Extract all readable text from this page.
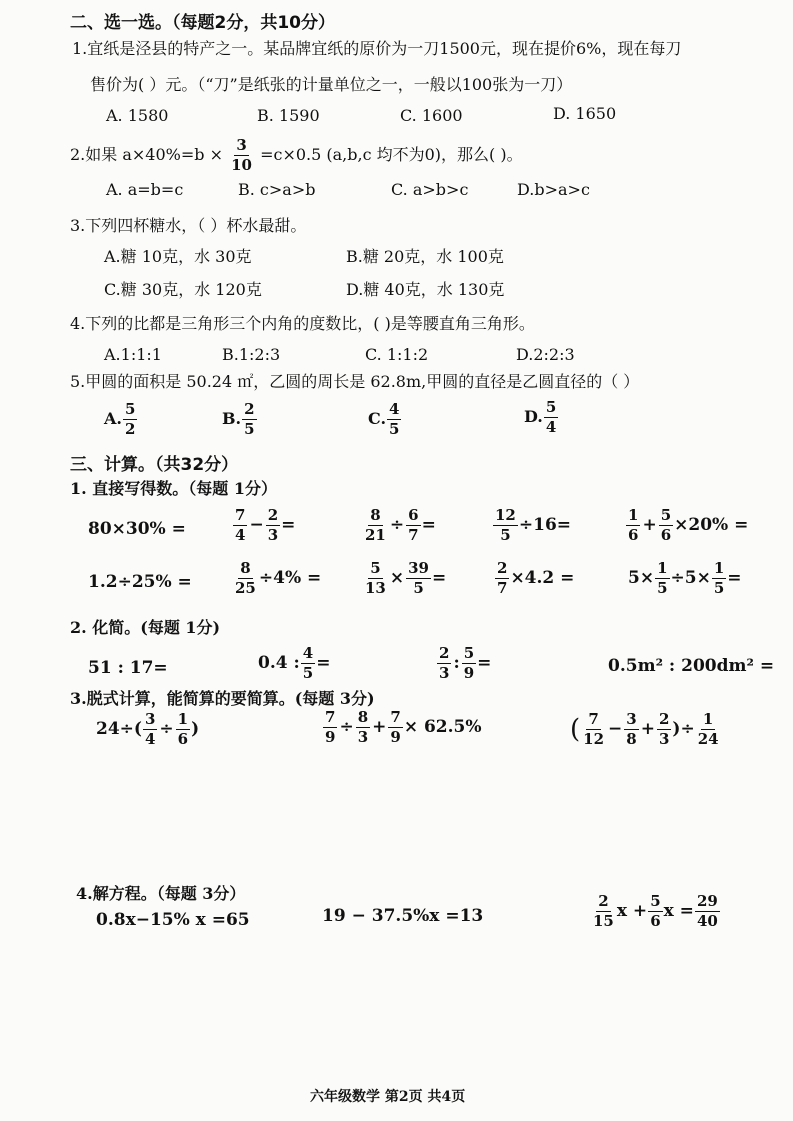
二、选一选。（每题2分，共10分）
1.宜纸是泾县的特产之一。某品牌宜纸的原价为一刀1500元，现在提价6%，现在每刀
售价为( ）元。（“刀”是纸张的计量单位之一，一般以100张为一刀）
A. 1580	B. 1590	C. 1600	D. 1650
2.如果 $a\times 40\%=b \times \frac{3}{10} =c\times 0.5$ (a,b,c 均不为0)，那么( )。
A. a=b=c	B. c>a>b	C. a>b>c	D.b>a>c
3.下列四杯糖水，（ ）杯水最甜。
A.糖 10克，水 30克	B.糖 20克，水 100克
C.糖 30克，水 120克	D.糖 40克，水 130克
4.下列的比都是三角形三个内角的度数比，( )是等腰直角三角形。
A.1:1:1	B.1:2:3	C. 1:1:2	D.2:2:3
5.甲圆的面积是 50.24 ㎡，乙圆的周长是 62.8m,甲圆的直径是乙圆直径的（ ）
A. $\frac{5}{2}$	B. $\frac{2}{5}$	C. $\frac{4}{5}$	D. $\frac{5}{4}$
三、计算。（共32分）
1. 直接写得数。（每题 1分）
80×30% =	$\frac{7}{4} - \frac{2}{3}$ =	$\frac{8}{21} \div \frac{6}{7}$ =	$\frac{12}{5} \div 16=$	$\frac{1}{6} + \frac{5}{6} \times 20\%$ =
1.2÷25% =	$\frac{8}{25} \div 4\%$ =	$\frac{5}{13} \times \frac{39}{5}$ =	$\frac{2}{7} \times 4.2$ =	$5\times \frac{1}{5} \div 5\times \frac{1}{5}$ =
2. 化简。(每题 1分)
51 : 17=	0.4 : $\frac{4}{5}$ =	$\frac{2}{3}$ : $\frac{5}{9}$ =	0.5m² : 200dm² =
3.脱式计算，能简算的要简算。(每题 3分)
$24\div( \frac{3}{4} \div \frac{1}{6}$ )	$\frac{7}{9} \div \frac{8}{3} + \frac{7}{9} \times 62.5\%$	( $\frac{7}{12} - \frac{3}{8} + \frac{2}{3}$ )÷ $\frac{1}{24}$
4.解方程。（每题 3分）
0.8x−15% x =65	19 − 37.5%x =13	$\frac{2}{15}$ $x + \frac{5}{6}$ $x = \frac{29}{40}$
六年级数学 第2页 共4页
